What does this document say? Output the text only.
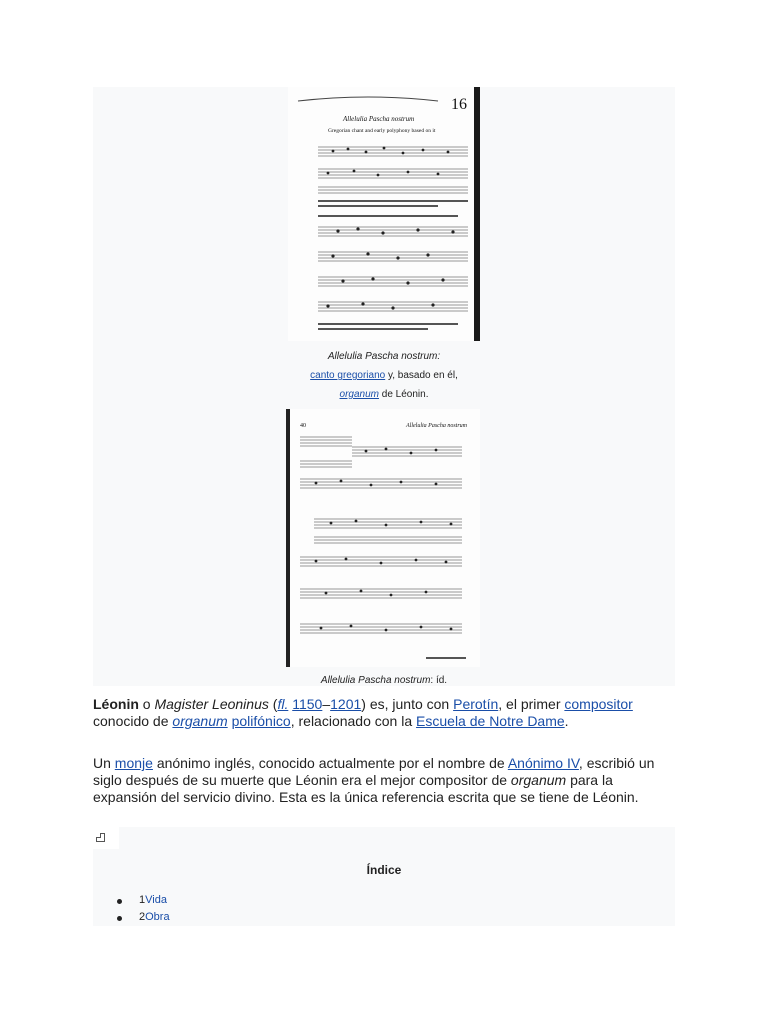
16
Allelulia Pascha nostrum
Gregorian chant and early polyphony based on it
Allelulia Pascha nostrum:
canto gregoriano y, basado en él,
organum de Léonin.
40	Allelulia Pascha nostrum
Allelulia Pascha nostrum: íd.
Léonin o Magister Leoninus (fl. 1150–1201) es, junto con Perotín, el primer compositor conocido de organum polifónico, relacionado con la Escuela de Notre Dame.
Un monje anónimo inglés, conocido actualmente por el nombre de Anónimo IV, escribió un siglo después de su muerte que Léonin era el mejor compositor de organum para la expansión del servicio divino. Esta es la única referencia escrita que se tiene de Léonin.
Índice
1Vida
2Obra
